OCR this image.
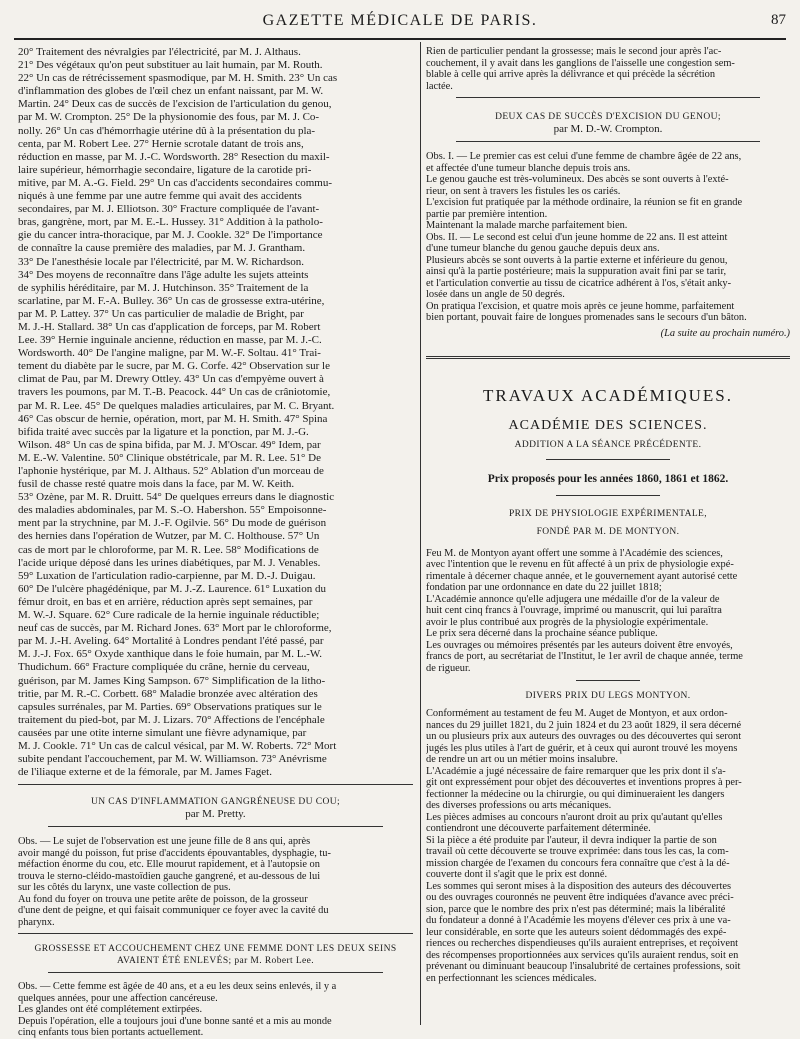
GAZETTE MÉDICALE DE PARIS.	87
20° Traitement des névralgies par l'électricité, par M. J. Althaus.
21° Des végétaux qu'on peut substituer au lait humain, par M. Routh.
22° Un cas de rétrécissement spasmodique, par M. H. Smith. 23° Un cas
d'inflammation des globes de l'œil chez un enfant naissant, par M. W.
Martin. 24° Deux cas de succès de l'excision de l'articulation du genou,
par M. W. Crompton. 25° De la physionomie des fous, par M. J. Co-
nolly. 26° Un cas d'hémorrhagie utérine dû à la présentation du pla-
centa, par M. Robert Lee. 27° Hernie scrotale datant de trois ans,
réduction en masse, par M. J.-C. Wordsworth. 28° Resection du maxil-
laire supérieur, hémorrhagie secondaire, ligature de la carotide pri-
mitive, par M. A.-G. Field. 29° Un cas d'accidents secondaires commu-
niqués à une femme par une autre femme qui avait des accidents
secondaires, par M. J. Elliotson. 30° Fracture compliquée de l'avant-
bras, gangrène, mort, par M. E.-L. Hussey. 31° Addition à la patholo-
gie du cancer intra-thoracique, par M. J. Cookle. 32° De l'importance
de connaître la cause première des maladies, par M. J. Grantham.
33° De l'anesthésie locale par l'électricité, par M. W. Richardson.
34° Des moyens de reconnaître dans l'âge adulte les sujets atteints
de syphilis héréditaire, par M. J. Hutchinson. 35° Traitement de la
scarlatine, par M. F.-A. Bulley. 36° Un cas de grossesse extra-utérine,
par M. P. Lattey. 37° Un cas particulier de maladie de Bright, par
M. J.-H. Stallard. 38° Un cas d'application de forceps, par M. Robert
Lee. 39° Hernie inguinale ancienne, réduction en masse, par M. J.-C.
Wordsworth. 40° De l'angine maligne, par M. W.-F. Soltau. 41° Trai-
tement du diabète par le sucre, par M. G. Corfe. 42° Observation sur le
climat de Pau, par M. Drewry Ottley. 43° Un cas d'empyème ouvert à
travers les poumons, par M. T.-B. Peacock. 44° Un cas de crâniotomie,
par M. R. Lee. 45° De quelques maladies articulaires, par M. C. Bryant.
46° Cas obscur de hernie, opération, mort, par M. H. Smith. 47° Spina
bifida traité avec succès par la ligature et la ponction, par M. J.-G.
Wilson. 48° Un cas de spina bifida, par M. J. M'Oscar. 49° Idem, par
M. E.-W. Valentine. 50° Clinique obstétricale, par M. R. Lee. 51° De
l'aphonie hystérique, par M. J. Althaus. 52° Ablation d'un morceau de
fusil de chasse resté quatre mois dans la face, par M. W. Keith.
53° Ozène, par M. R. Druitt. 54° De quelques erreurs dans le diagnostic
des maladies abdominales, par M. S.-O. Habershon. 55° Empoisonne-
ment par la strychnine, par M. J.-F. Ogilvie. 56° Du mode de guérison
des hernies dans l'opération de Wutzer, par M. C. Holthouse. 57° Un
cas de mort par le chloroforme, par M. R. Lee. 58° Modifications de
l'acide urique déposé dans les urines diabétiques, par M. J. Venables.
59° Luxation de l'articulation radio-carpienne, par M. D.-J. Duigau.
60° De l'ulcère phagédénique, par M. J.-Z. Laurence. 61° Luxation du
fémur droit, en bas et en arrière, réduction après sept semaines, par
M. W.-J. Square. 62° Cure radicale de la hernie inguinale réductible;
neuf cas de succès, par M. Richard Jones. 63° Mort par le chloroforme,
par M. J.-H. Aveling. 64° Mortalité à Londres pendant l'été passé, par
M. J.-J. Fox. 65° Oxyde xanthique dans le foie humain, par M. L.-W.
Thudichum. 66° Fracture compliquée du crâne, hernie du cerveau,
guérison, par M. James King Sampson. 67° Simplification de la litho-
tritie, par M. R.-C. Corbett. 68° Maladie bronzée avec altération des
capsules surrénales, par M. Parties. 69° Observations pratiques sur le
traitement du pied-bot, par M. J. Lizars. 70° Affections de l'encéphale
causées par une otite interne simulant une fièvre adynamique, par
M. J. Cookle. 71° Un cas de calcul vésical, par M. W. Roberts. 72° Mort
subite pendant l'accouchement, par M. W. Williamson. 73° Anévrisme
de l'iliaque externe et de la fémorale, par M. James Faget.
UN CAS D'INFLAMMATION GANGRÉNEUSE DU COU;
par M. Pretty.
Obs. — Le sujet de l'observation est une jeune fille de 8 ans qui, après
avoir mangé du poisson, fut prise d'accidents épouvantables, dysphagie, tu-
méfaction énorme du cou, etc. Elle mourut rapidement, et à l'autopsie on
trouva le sterno-cléido-mastoïdien gauche gangrené, et au-dessous de lui
sur les côtés du larynx, une vaste collection de pus.
Au fond du foyer on trouva une petite arête de poisson, de la grosseur
d'une dent de peigne, et qui faisait communiquer ce foyer avec la cavité du
pharynx.
GROSSESSE ET ACCOUCHEMENT CHEZ UNE FEMME DONT LES DEUX SEINS
AVAIENT ÉTÉ ENLEVÉS; par M. Robert Lee.
Obs. — Cette femme est âgée de 40 ans, et a eu les deux seins enlevés, il y a
quelques années, pour une affection cancéreuse.
Les glandes ont été complétement extirpées.
Depuis l'opération, elle a toujours joui d'une bonne santé et a mis au monde
cinq enfants tous bien portants actuellement.
Rien de particulier pendant la grossesse; mais le second jour après l'ac-
couchement, il y avait dans les ganglions de l'aisselle une congestion sem-
blable à celle qui arrive après la délivrance et qui précède la sécrétion
lactée.
DEUX CAS DE SUCCÈS D'EXCISION DU GENOU;
par M. D.-W. Crompton.
Obs. I. — Le premier cas est celui d'une femme de chambre âgée de 22 ans,
et affectée d'une tumeur blanche depuis trois ans.
Le genou gauche est très-volumineux. Des abcès se sont ouverts à l'exté-
rieur, on sent à travers les fistules les os cariés.
L'excision fut pratiquée par la méthode ordinaire, la réunion se fit en grande
partie par première intention.
Maintenant la malade marche parfaitement bien.
Obs. II. — Le second est celui d'un jeune homme de 22 ans. Il est atteint
d'une tumeur blanche du genou gauche depuis deux ans.
Plusieurs abcès se sont ouverts à la partie externe et inférieure du genou,
ainsi qu'à la partie postérieure; mais la suppuration avait fini par se tarir,
et l'articulation convertie au tissu de cicatrice adhérent à l'os, s'était anky-
losée dans un angle de 50 degrés.
On pratiqua l'excision, et quatre mois après ce jeune homme, parfaitement
bien portant, pouvait faire de longues promenades sans le secours d'un bâton.
(La suite au prochain numéro.)
TRAVAUX ACADÉMIQUES.
ACADÉMIE DES SCIENCES.
ADDITION A LA SÉANCE PRÉCÉDENTE.
Prix proposés pour les années 1860, 1861 et 1862.
PRIX DE PHYSIOLOGIE EXPÉRIMENTALE,
FONDÉ PAR M. DE MONTYON.
Feu M. de Montyon ayant offert une somme à l'Académie des sciences,
avec l'intention que le revenu en fût affecté à un prix de physiologie expé-
rimentale à décerner chaque année, et le gouvernement ayant autorisé cette
fondation par une ordonnance en date du 22 juillet 1818;
L'Académie annonce qu'elle adjugera une médaille d'or de la valeur de
huit cent cinq francs à l'ouvrage, imprimé ou manuscrit, qui lui paraîtra
avoir le plus contribué aux progrès de la physiologie expérimentale.
Le prix sera décerné dans la prochaine séance publique.
Les ouvrages ou mémoires présentés par les auteurs doivent être envoyés,
francs de port, au secrétariat de l'Institut, le 1er avril de chaque année, terme
de rigueur.
DIVERS PRIX DU LEGS MONTYON.
Conformément au testament de feu M. Auget de Montyon, et aux ordon-
nances du 29 juillet 1821, du 2 juin 1824 et du 23 août 1829, il sera décerné
un ou plusieurs prix aux auteurs des ouvrages ou des découvertes qui seront
jugés les plus utiles à l'art de guérir, et à ceux qui auront trouvé les moyens
de rendre un art ou un métier moins insalubre.
L'Académie a jugé nécessaire de faire remarquer que les prix dont il s'a-
git ont expressément pour objet des découvertes et inventions propres à per-
fectionner la médecine ou la chirurgie, ou qui diminueraient les dangers
des diverses professions ou arts mécaniques.
Les pièces admises au concours n'auront droit au prix qu'autant qu'elles
contiendront une découverte parfaitement déterminée.
Si la pièce a été produite par l'auteur, il devra indiquer la partie de son
travail où cette découverte se trouve exprimée: dans tous les cas, la com-
mission chargée de l'examen du concours fera connaître que c'est à la dé-
couverte dont il s'agit que le prix est donné.
Les sommes qui seront mises à la disposition des auteurs des découvertes
ou des ouvrages couronnés ne peuvent être indiquées d'avance avec préci-
sion, parce que le nombre des prix n'est pas déterminé; mais la libéralité
du fondateur a donné à l'Académie les moyens d'élever ces prix à une va-
leur considérable, en sorte que les auteurs soient dédommagés des expé-
riences ou recherches dispendieuses qu'ils auraient entreprises, et reçoivent
des récompenses proportionnées aux services qu'ils auraient rendus, soit en
prévenant ou diminuant beaucoup l'insalubrité de certaines professions, soit
en perfectionnant les sciences médicales.
